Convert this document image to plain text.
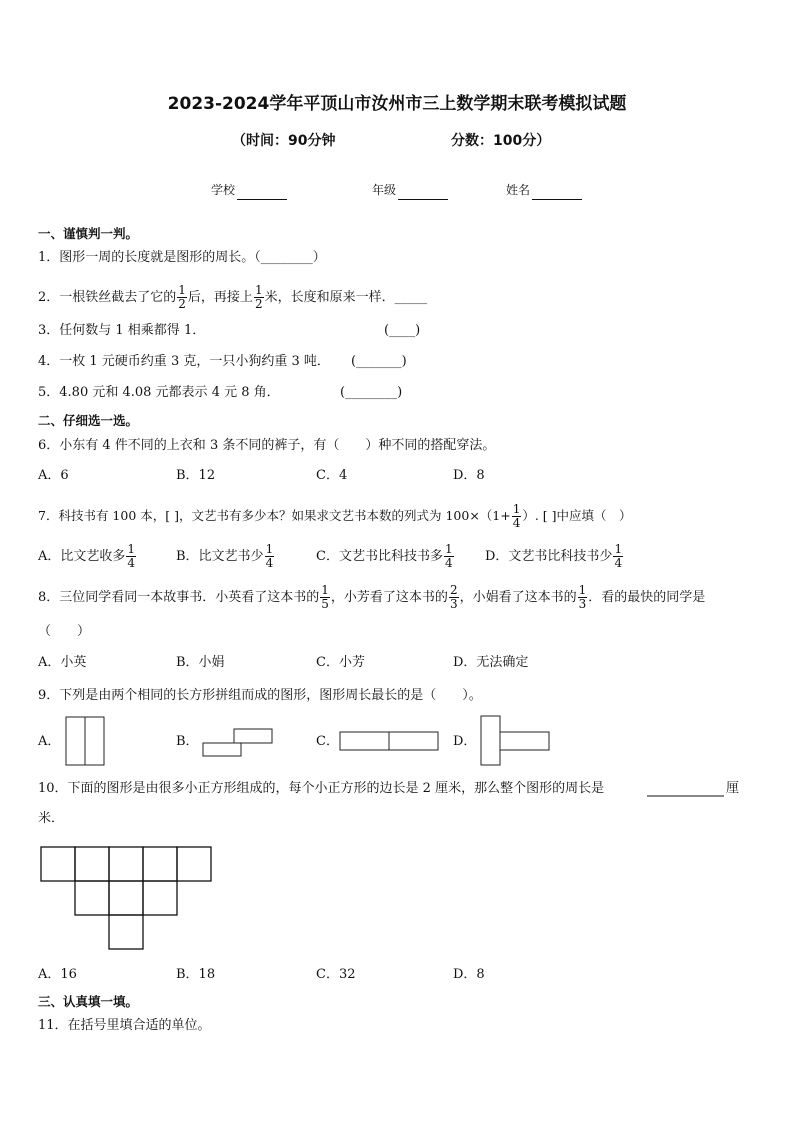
2023-2024学年平顶山市汝州市三上数学期末联考模拟试题
（时间：90分钟	分数：100分）
学校	年级	姓名
一、谨慎判一判。
1．图形一周的长度就是图形的周长。（________）
2．一根铁丝截去了它的 $\frac{1}{2}$ 后，再接上 $\frac{1}{2}$ 米，长度和原来一样．_____
3．任何数与 1 相乘都得 1．	(____)
4．一枚 1 元硬币约重 3 克，一只小狗约重 3 吨． (_______)
5．4.80 元和 4.08 元都表示 4 元 8 角．	(________)
二、仔细选一选。
6．小东有 4 件不同的上衣和 3 条不同的裤子，有（　　）种不同的搭配穿法。
A．6	B．12	C．4	D．8
7．科技书有 100 本，[ ]，文艺书有多少本？如果求文艺书本数的列式为 $100\times(1+ \frac{1}{4}$ ）. [ ]中应填（　）
A．比文艺收多 $\frac{1}{4}$	B．比文艺书少 $\frac{1}{4}$	C．文艺书比科技书多 $\frac{1}{4}$ D．文艺书比科技书少 $\frac{1}{4}$
8．三位同学看同一本故事书．小英看了这本书的 $\frac{1}{5}$ ，小芳看了这本书的 $\frac{2}{3}$ ，小娟看了这本书的 $\frac{1}{3}$ ．看的最快的同学是
（　　）
A．小英	B．小娟	C．小芳	D．无法确定
9．下列是由两个相同的长方形拼组而成的图形，图形周长最长的是（　　）。
A．	B．	C．	D．
10．下面的图形是由很多小正方形组成的，每个小正方形的边长是 2 厘米，那么整个图形的周长是	厘
米．
A．16	B．18	C．32	D．8
三、认真填一填。
11．在括号里填合适的单位。
